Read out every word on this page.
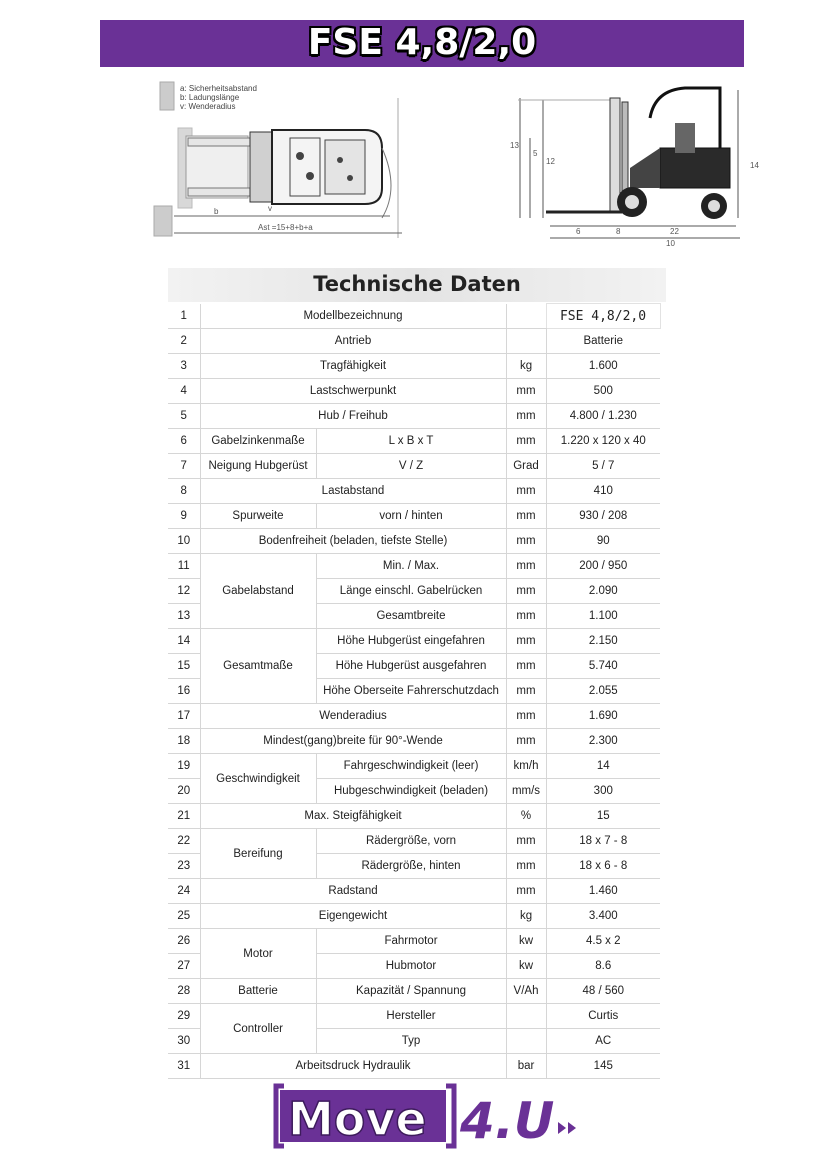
FSE 4,8/2,0
a: Sicherheitsabstand
b: Ladungslänge
v: Wenderadius
b	v
Ast =15+8+b+a
13
5
12	14
6	8	22
10
Technische Daten
1	Modellbezeichnung			FSE 4,8/2,0
2	Antrieb			Batterie
3	Tragfähigkeit		kg	1.600
4	Lastschwerpunkt		mm	500
5	Hub / Freihub		mm	4.800 / 1.230
6	Gabelzinkenmaße	L x B x T	mm	1.220 x 120 x 40
7	Neigung Hubgerüst	V / Z	Grad	5 / 7
8	Lastabstand		mm	410
9	Spurweite	vorn / hinten	mm	930 / 208
10	Bodenfreiheit (beladen, tiefste Stelle)		mm	90
11	Gabelabstand	Min. / Max.	mm	200 / 950
12		Länge einschl. Gabelrücken	mm	2.090
13		Gesamtbreite	mm	1.100
14	Gesamtmaße	Höhe Hubgerüst eingefahren	mm	2.150
15		Höhe Hubgerüst ausgefahren	mm	5.740
16		Höhe Oberseite Fahrerschutzdach	mm	2.055
17	Wenderadius		mm	1.690
18	Mindest(gang)breite für 90°-Wende		mm	2.300
19	Geschwindigkeit	Fahrgeschwindigkeit (leer)	km/h	14
20		Hubgeschwindigkeit (beladen)	mm/s	300
21	Max. Steigfähigkeit		%	15
22	Bereifung	Rädergröße, vorn	mm	18 x 7 - 8
23		Rädergröße, hinten	mm	18 x 6 - 8
24	Radstand		mm	1.460
25	Eigengewicht		kg	3.400
26	Motor	Fahrmotor	kw	4.5 x 2
27		Hubmotor	kw	8.6
28	Batterie	Kapazität / Spannung	V/Ah	48 / 560
29	Controller	Hersteller		Curtis
30		Typ		AC
31	Arbeitsdruck Hydraulik		bar	145
Move 4.U
